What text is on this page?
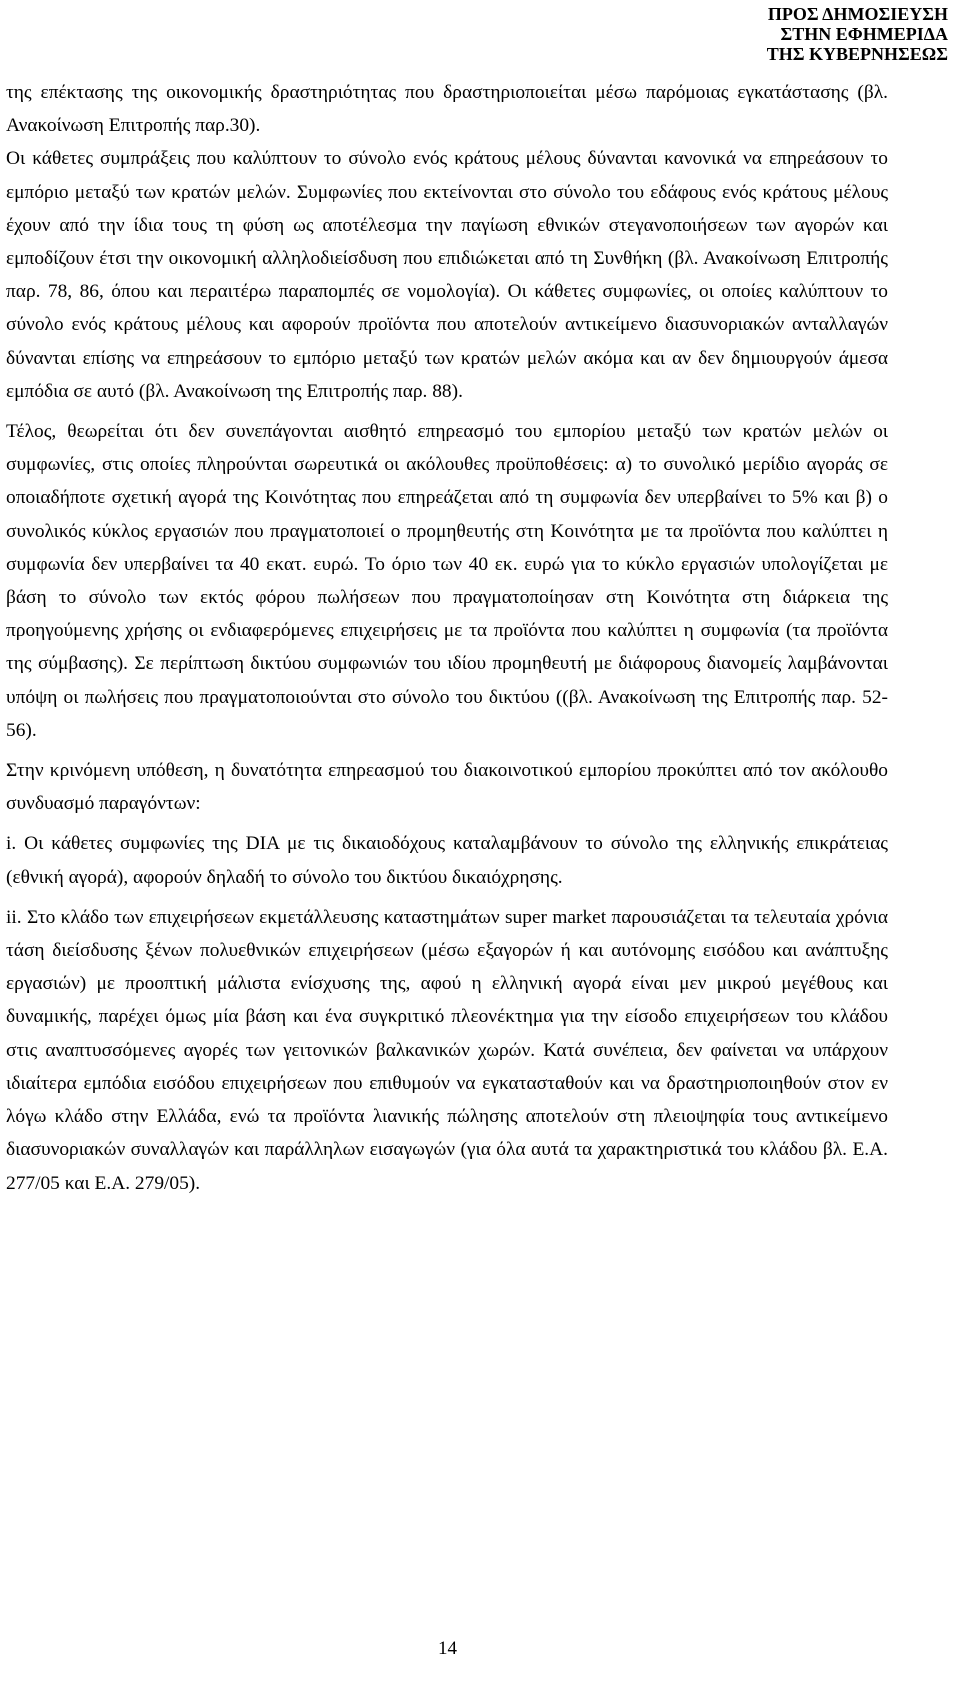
ΠΡΟΣ ΔΗΜΟΣΙΕΥΣΗ
ΣΤΗΝ ΕΦΗΜΕΡΙΔΑ
ΤΗΣ ΚΥΒΕΡΝΗΣΕΩΣ

της επέκτασης της οικονομικής δραστηριότητας που δραστηριοποιείται μέσω παρόμοιας εγκατάστασης (βλ. Ανακοίνωση Επιτροπής παρ.30).

Οι κάθετες συμπράξεις που καλύπτουν το σύνολο ενός κράτους μέλους δύνανται κανονικά να επηρεάσουν το εμπόριο μεταξύ των κρατών μελών. Συμφωνίες που εκτείνονται στο σύνολο του εδάφους ενός κράτους μέλους έχουν από την ίδια τους τη φύση ως αποτέλεσμα την παγίωση εθνικών στεγανοποιήσεων των αγορών και εμποδίζουν έτσι την οικονομική αλληλοδιείσδυση που επιδιώκεται από τη Συνθήκη (βλ. Ανακοίνωση Επιτροπής παρ. 78, 86, όπου και περαιτέρω παραπομπές σε νομολογία). Οι κάθετες συμφωνίες, οι οποίες καλύπτουν το σύνολο ενός κράτους μέλους και αφορούν προϊόντα που αποτελούν αντικείμενο διασυνοριακών ανταλλαγών δύνανται επίσης να επηρεάσουν το εμπόριο μεταξύ των κρατών μελών ακόμα και αν δεν δημιουργούν άμεσα εμπόδια σε αυτό (βλ. Ανακοίνωση της Επιτροπής παρ. 88).

Τέλος, θεωρείται ότι δεν συνεπάγονται αισθητό επηρεασμό του εμπορίου μεταξύ των κρατών μελών οι συμφωνίες, στις οποίες πληρούνται σωρευτικά οι ακόλουθες προϋποθέσεις: α) το συνολικό μερίδιο αγοράς σε οποιαδήποτε σχετική αγορά της Κοινότητας που επηρεάζεται από τη συμφωνία δεν υπερβαίνει το 5% και β) ο συνολικός κύκλος εργασιών που πραγματοποιεί ο προμηθευτής στη Κοινότητα με τα προϊόντα που καλύπτει η συμφωνία δεν υπερβαίνει τα 40 εκατ. ευρώ. Το όριο των 40 εκ. ευρώ για το κύκλο εργασιών υπολογίζεται με βάση το σύνολο των εκτός φόρου πωλήσεων που πραγματοποίησαν στη Κοινότητα στη διάρκεια της προηγούμενης χρήσης οι ενδιαφερόμενες επιχειρήσεις με τα προϊόντα που καλύπτει η συμφωνία (τα προϊόντα της σύμβασης). Σε περίπτωση δικτύου συμφωνιών του ιδίου προμηθευτή με διάφορους διανομείς λαμβάνονται υπόψη οι πωλήσεις που πραγματοποιούνται στο σύνολο του δικτύου ((βλ. Ανακοίνωση της Επιτροπής παρ. 52-56).

Στην κρινόμενη υπόθεση, η δυνατότητα επηρεασμού του διακοινοτικού εμπορίου προκύπτει από τον ακόλουθο συνδυασμό παραγόντων:

i. Οι κάθετες συμφωνίες της DIA με τις δικαιοδόχους καταλαμβάνουν το σύνολο της ελληνικής επικράτειας (εθνική αγορά), αφορούν δηλαδή το σύνολο του δικτύου δικαιόχρησης.

ii. Στο κλάδο των επιχειρήσεων εκμετάλλευσης καταστημάτων super market παρουσιάζεται τα τελευταία χρόνια τάση διείσδυσης ξένων πολυεθνικών επιχειρήσεων (μέσω εξαγορών ή και αυτόνομης εισόδου και ανάπτυξης εργασιών) με προοπτική μάλιστα ενίσχυσης της, αφού η ελληνική αγορά είναι μεν μικρού μεγέθους και δυναμικής, παρέχει όμως μία βάση και ένα συγκριτικό πλεονέκτημα για την είσοδο επιχειρήσεων του κλάδου στις αναπτυσσόμενες αγορές των γειτονικών βαλκανικών χωρών. Κατά συνέπεια, δεν φαίνεται να υπάρχουν ιδιαίτερα εμπόδια εισόδου επιχειρήσεων που επιθυμούν να εγκατασταθούν και να δραστηριοποιηθούν στον εν λόγω κλάδο στην Ελλάδα, ενώ τα προϊόντα λιανικής πώλησης αποτελούν στη πλειοψηφία τους αντικείμενο διασυνοριακών συναλλαγών και παράλληλων εισαγωγών (για όλα αυτά τα χαρακτηριστικά του κλάδου βλ. Ε.Α. 277/05 και Ε.Α. 279/05).

14
